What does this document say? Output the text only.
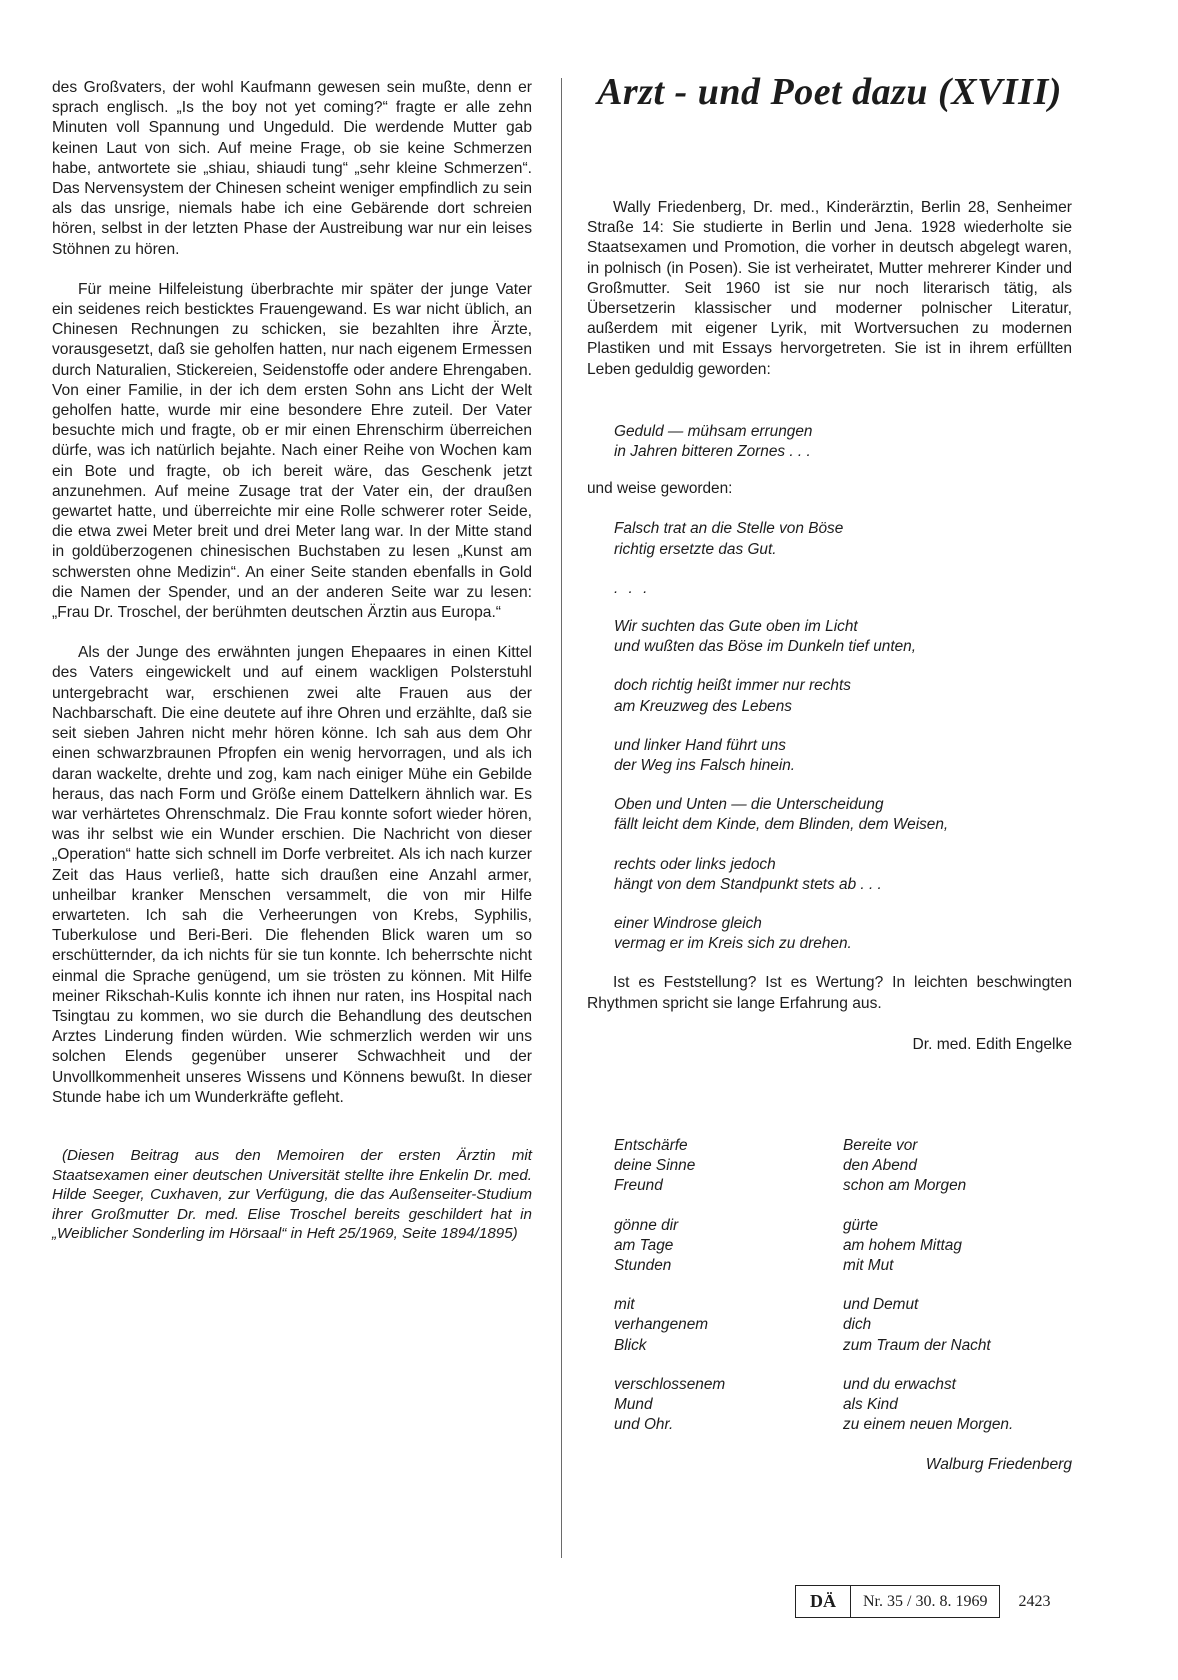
des Großvaters, der wohl Kaufmann gewesen sein mußte, denn er sprach englisch. „Is the boy not yet coming?“ fragte er alle zehn Minuten voll Spannung und Ungeduld. Die werdende Mutter gab keinen Laut von sich. Auf meine Frage, ob sie keine Schmerzen habe, antwortete sie „shiau, shiaudi tung“ „sehr kleine Schmerzen“. Das Nervensystem der Chinesen scheint weniger empfindlich zu sein als das unsrige, niemals habe ich eine Gebärende dort schreien hören, selbst in der letzten Phase der Austreibung war nur ein leises Stöhnen zu hören.

Für meine Hilfeleistung überbrachte mir später der junge Vater ein seidenes reich besticktes Frauengewand. Es war nicht üblich, an Chinesen Rechnungen zu schicken, sie bezahlten ihre Ärzte, vorausgesetzt, daß sie geholfen hatten, nur nach eigenem Ermessen durch Naturalien, Stickereien, Seidenstoffe oder andere Ehrengaben. Von einer Familie, in der ich dem ersten Sohn ans Licht der Welt geholfen hatte, wurde mir eine besondere Ehre zuteil. Der Vater besuchte mich und fragte, ob er mir einen Ehrenschirm überreichen dürfe, was ich natürlich bejahte. Nach einer Reihe von Wochen kam ein Bote und fragte, ob ich bereit wäre, das Geschenk jetzt anzunehmen. Auf meine Zusage trat der Vater ein, der draußen gewartet hatte, und überreichte mir eine Rolle schwerer roter Seide, die etwa zwei Meter breit und drei Meter lang war. In der Mitte stand in goldüberzogenen chinesischen Buchstaben zu lesen „Kunst am schwersten ohne Medizin“. An einer Seite standen ebenfalls in Gold die Namen der Spender, und an der anderen Seite war zu lesen: „Frau Dr. Troschel, der berühmten deutschen Ärztin aus Europa.“

Als der Junge des erwähnten jungen Ehepaares in einen Kittel des Vaters eingewickelt und auf einem wackligen Polsterstuhl untergebracht war, erschienen zwei alte Frauen aus der Nachbarschaft. Die eine deutete auf ihre Ohren und erzählte, daß sie seit sieben Jahren nicht mehr hören könne. Ich sah aus dem Ohr einen schwarzbraunen Pfropfen ein wenig hervorragen, und als ich daran wackelte, drehte und zog, kam nach einiger Mühe ein Gebilde heraus, das nach Form und Größe einem Dattelkern ähnlich war. Es war verhärtetes Ohrenschmalz. Die Frau konnte sofort wieder hören, was ihr selbst wie ein Wunder erschien. Die Nachricht von dieser „Operation“ hatte sich schnell im Dorfe verbreitet. Als ich nach kurzer Zeit das Haus verließ, hatte sich draußen eine Anzahl armer, unheilbar kranker Menschen versammelt, die von mir Hilfe erwarteten. Ich sah die Verheerungen von Krebs, Syphilis, Tuberkulose und Beri-Beri. Die flehenden Blick waren um so erschütternder, da ich nichts für sie tun konnte. Ich beherrschte nicht einmal die Sprache genügend, um sie trösten zu können. Mit Hilfe meiner Rikschah-Kulis konnte ich ihnen nur raten, ins Hospital nach Tsingtau zu kommen, wo sie durch die Behandlung des deutschen Arztes Linderung finden würden. Wie schmerzlich werden wir uns solchen Elends gegenüber unserer Schwachheit und der Unvollkommenheit unseres Wissens und Könnens bewußt. In dieser Stunde habe ich um Wunderkräfte gefleht.

(Diesen Beitrag aus den Memoiren der ersten Ärztin mit Staatsexamen einer deutschen Universität stellte ihre Enkelin Dr. med. Hilde Seeger, Cuxhaven, zur Verfügung, die das Außenseiter-Studium ihrer Großmutter Dr. med. Elise Troschel bereits geschildert hat in „Weiblicher Sonderling im Hörsaal“ in Heft 25/1969, Seite 1894/1895)

Arzt - und Poet dazu (XVIII)

Wally Friedenberg, Dr. med., Kinderärztin, Berlin 28, Senheimer Straße 14: Sie studierte in Berlin und Jena. 1928 wiederholte sie Staatsexamen und Promotion, die vorher in deutsch abgelegt waren, in polnisch (in Posen). Sie ist verheiratet, Mutter mehrerer Kinder und Großmutter. Seit 1960 ist sie nur noch literarisch tätig, als Übersetzerin klassischer und moderner polnischer Literatur, außerdem mit eigener Lyrik, mit Wortversuchen zu modernen Plastiken und mit Essays hervorgetreten. Sie ist in ihrem erfüllten Leben geduldig geworden:

Geduld — mühsam errungen
in Jahren bitteren Zornes . . .
und weise geworden:
Falsch trat an die Stelle von Böse
richtig ersetzte das Gut.
. . .
Wir suchten das Gute oben im Licht
und wußten das Böse im Dunkeln tief unten,
doch richtig heißt immer nur rechts
am Kreuzweg des Lebens
und linker Hand führt uns
der Weg ins Falsch hinein.
Oben und Unten — die Unterscheidung
fällt leicht dem Kinde, dem Blinden, dem Weisen,
rechts oder links jedoch
hängt von dem Standpunkt stets ab . . .
einer Windrose gleich
vermag er im Kreis sich zu drehen.

Ist es Feststellung? Ist es Wertung? In leichten beschwingten Rhythmen spricht sie lange Erfahrung aus.

Dr. med. Edith Engelke
Entschärfe
deine Sinne
Freund
gönne dir
am Tage
Stunden
mit
verhangenem
Blick
verschlossenem
Mund
und Ohr.
Bereite vor
den Abend
schon am Morgen
gürte
am hohem Mittag
mit Mut
und Demut
dich
zum Traum der Nacht
und du erwachst
als Kind
zu einem neuen Morgen.
Walburg Friedenberg
DÄ	Nr. 35 / 30. 8. 1969	2423
